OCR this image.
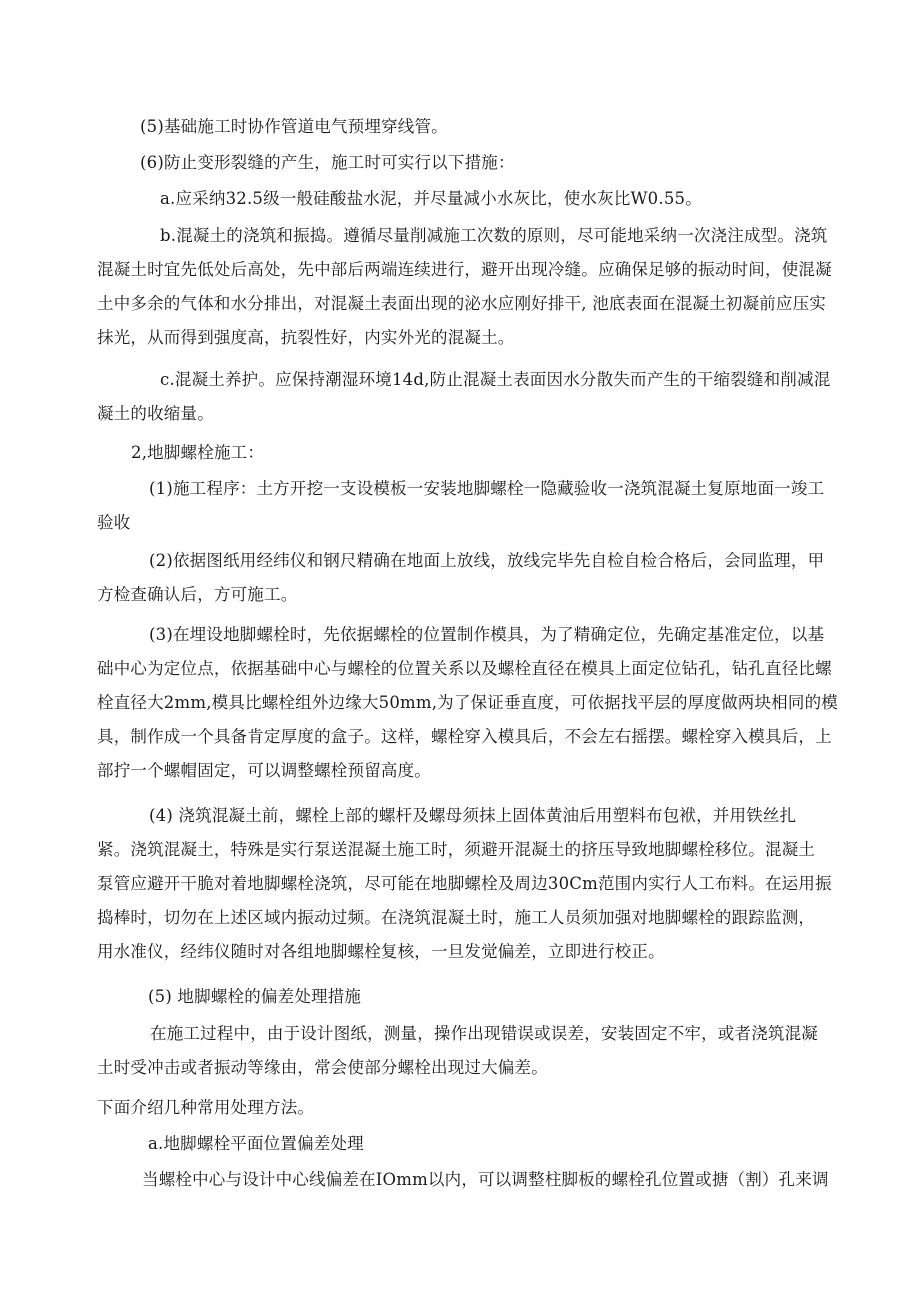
(5)基础施工时协作管道电气预埋穿线管。
(6)防止变形裂缝的产生，施工时可实行以下措施：
a.应采纳32.5级一般硅酸盐水泥，并尽量减小水灰比，使水灰比W0.55。
b.混凝土的浇筑和振捣。遵循尽量削减施工次数的原则，尽可能地采纳一次浇注成型。浇筑
混凝土时宜先低处后高处，先中部后两端连续进行，避开出现冷缝。应确保足够的振动时间，使混凝
土中多余的气体和水分排出，对混凝土表面出现的泌水应刚好排干, 池底表面在混凝土初凝前应压实
抹光，从而得到强度高，抗裂性好，内实外光的混凝土。
c.混凝土养护。应保持潮湿环境14d,防止混凝土表面因水分散失而产生的干缩裂缝和削减混
凝土的收缩量。
2,地脚螺栓施工：
(1)施工程序：土方开挖一支设模板一安装地脚螺栓一隐藏验收一浇筑混凝土复原地面一竣工
验收
(2)依据图纸用经纬仪和钢尺精确在地面上放线，放线完毕先自检自检合格后，会同监理，甲
方检查确认后，方可施工。
(3)在埋设地脚螺栓时，先依据螺栓的位置制作模具，为了精确定位，先确定基准定位，以基
础中心为定位点，依据基础中心与螺栓的位置关系以及螺栓直径在模具上面定位钻孔，钻孔直径比螺
栓直径大2mm,模具比螺栓组外边缘大50mm,为了保证垂直度，可依据找平层的厚度做两块相同的模
具，制作成一个具备肯定厚度的盒子。这样，螺栓穿入模具后，不会左右摇摆。螺栓穿入模具后，上
部拧一个螺帽固定，可以调整螺栓预留高度。
(4) 浇筑混凝土前，螺栓上部的螺杆及螺母须抹上固体黄油后用塑料布包袱，并用铁丝扎
紧。浇筑混凝土，特殊是实行泵送混凝土施工时，须避开混凝土的挤压导致地脚螺栓移位。混凝土
泵管应避开干脆对着地脚螺栓浇筑，尽可能在地脚螺栓及周边30Cm范围内实行人工布料。在运用振
捣棒时，切勿在上述区域内振动过频。在浇筑混凝土时，施工人员须加强对地脚螺栓的跟踪监测，
用水准仪，经纬仪随时对各组地脚螺栓复核，一旦发觉偏差，立即进行校正。
(5) 地脚螺栓的偏差处理措施
在施工过程中，由于设计图纸，测量，操作出现错误或误差，安装固定不牢，或者浇筑混凝
土时受冲击或者振动等缘由，常会使部分螺栓出现过大偏差。
下面介绍几种常用处理方法。
a.地脚螺栓平面位置偏差处理
当螺栓中心与设计中心线偏差在IOmm以内，可以调整柱脚板的螺栓孔位置或搪（割）孔来调
